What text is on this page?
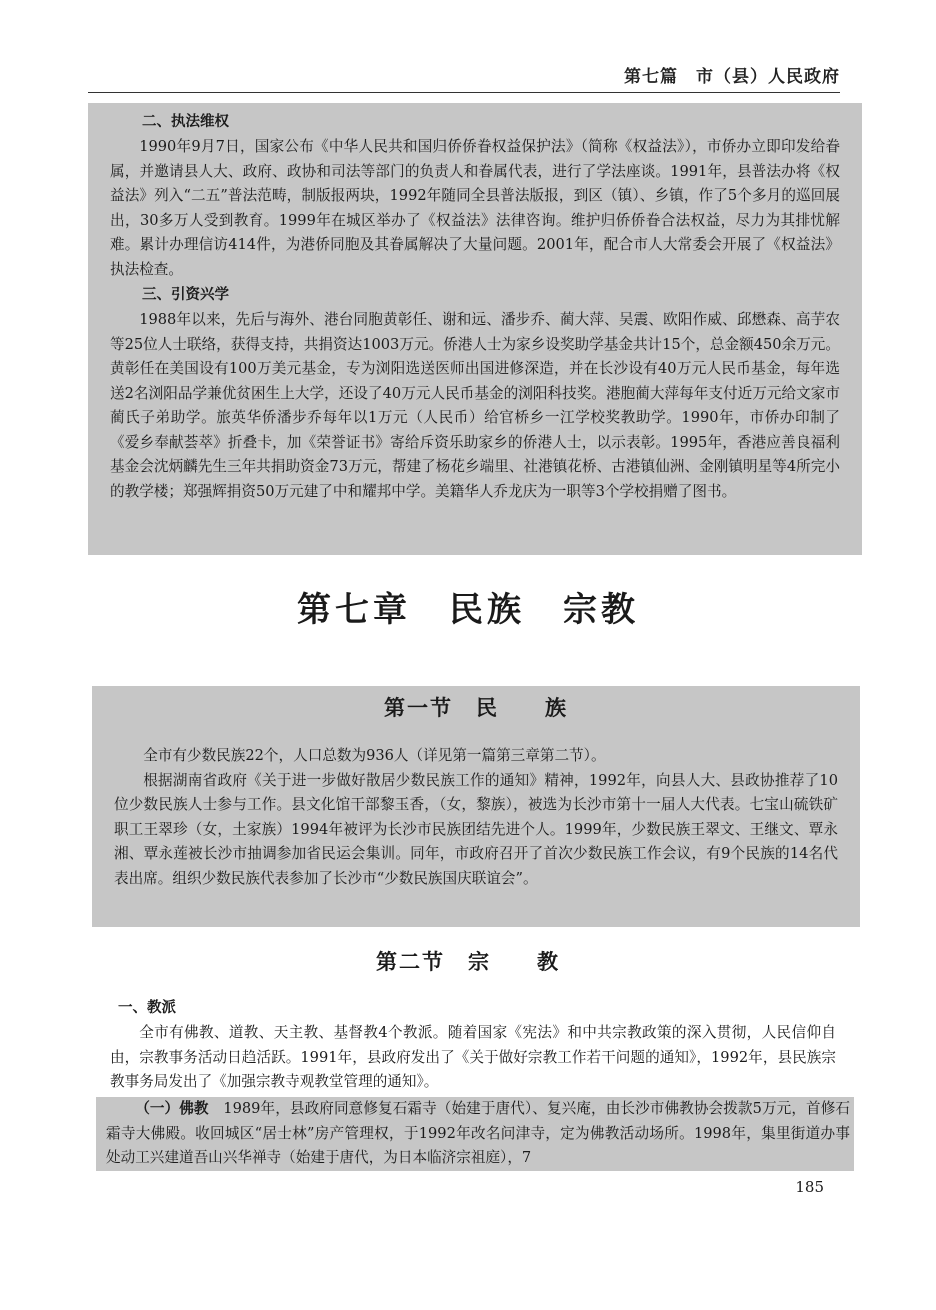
第七篇　市（县）人民政府
二、执法维权

1990年9月7日，国家公布《中华人民共和国归侨侨眷权益保护法》（简称《权益法》），市侨办立即印发给眷属，并邀请县人大、政府、政协和司法等部门的负责人和眷属代表，进行了学法座谈。1991年，县普法办将《权益法》列入“二五”普法范畴，制版报两块，1992年随同全县普法版报，到区（镇）、乡镇，作了5个多月的巡回展出，30多万人受到教育。1999年在城区举办了《权益法》法律咨询。维护归侨侨眷合法权益，尽力为其排忧解难。累计办理信访414件，为港侨同胞及其眷属解决了大量问题。2001年，配合市人大常委会开展了《权益法》执法检查。

三、引资兴学

1988年以来，先后与海外、港台同胞黄彰任、谢和远、潘步乔、蔺大萍、吴震、欧阳作威、邱懋森、高芋农等25位人士联络，获得支持，共捐资达1003万元。侨港人士为家乡设奖助学基金共计15个，总金额450余万元。黄彰任在美国设有100万美元基金，专为浏阳选送医师出国进修深造，并在长沙设有40万元人民币基金，每年选送2名浏阳品学兼优贫困生上大学，还设了40万元人民币基金的浏阳科技奖。港胞蔺大萍每年支付近万元给文家市蔺氏子弟助学。旅英华侨潘步乔每年以1万元（人民币）给官桥乡一江学校奖教助学。1990年，市侨办印制了《爱乡奉献荟萃》折叠卡，加《荣誉证书》寄给斥资乐助家乡的侨港人士，以示表彰。1995年，香港应善良福利基金会沈炳麟先生三年共捐助资金73万元，帮建了杨花乡端里、社港镇花桥、古港镇仙洲、金刚镇明星等4所完小的教学楼；郑强辉捐资50万元建了中和耀邦中学。美籍华人乔龙庆为一职等3个学校捐赠了图书。

第七章　民族　宗教
第一节　民　　族

全市有少数民族22个，人口总数为936人（详见第一篇第三章第二节）。

根据湖南省政府《关于进一步做好散居少数民族工作的通知》精神，1992年，向县人大、县政协推荐了10位少数民族人士参与工作。县文化馆干部黎玉香，（女，黎族），被选为长沙市第十一届人大代表。七宝山硫铁矿职工王翠珍（女，土家族）1994年被评为长沙市民族团结先进个人。1999年，少数民族王翠文、王继文、覃永湘、覃永莲被长沙市抽调参加省民运会集训。同年，市政府召开了首次少数民族工作会议，有9个民族的14名代表出席。组织少数民族代表参加了长沙市“少数民族国庆联谊会”。

第二节　宗　　教
一、教派

全市有佛教、道教、天主教、基督教4个教派。随着国家《宪法》和中共宗教政策的深入贯彻，人民信仰自由，宗教事务活动日趋活跃。1991年，县政府发出了《关于做好宗教工作若干问题的通知》，1992年，县民族宗教事务局发出了《加强宗教寺观教堂管理的通知》。

（一）佛教　1989年，县政府同意修复石霜寺（始建于唐代）、复兴庵，由长沙市佛教协会拨款5万元，首修石霜寺大佛殿。收回城区“居士林”房产管理权，于1992年改名问津寺，定为佛教活动场所。1998年，集里街道办事处动工兴建道吾山兴华禅寺（始建于唐代，为日本临济宗祖庭），7

185
